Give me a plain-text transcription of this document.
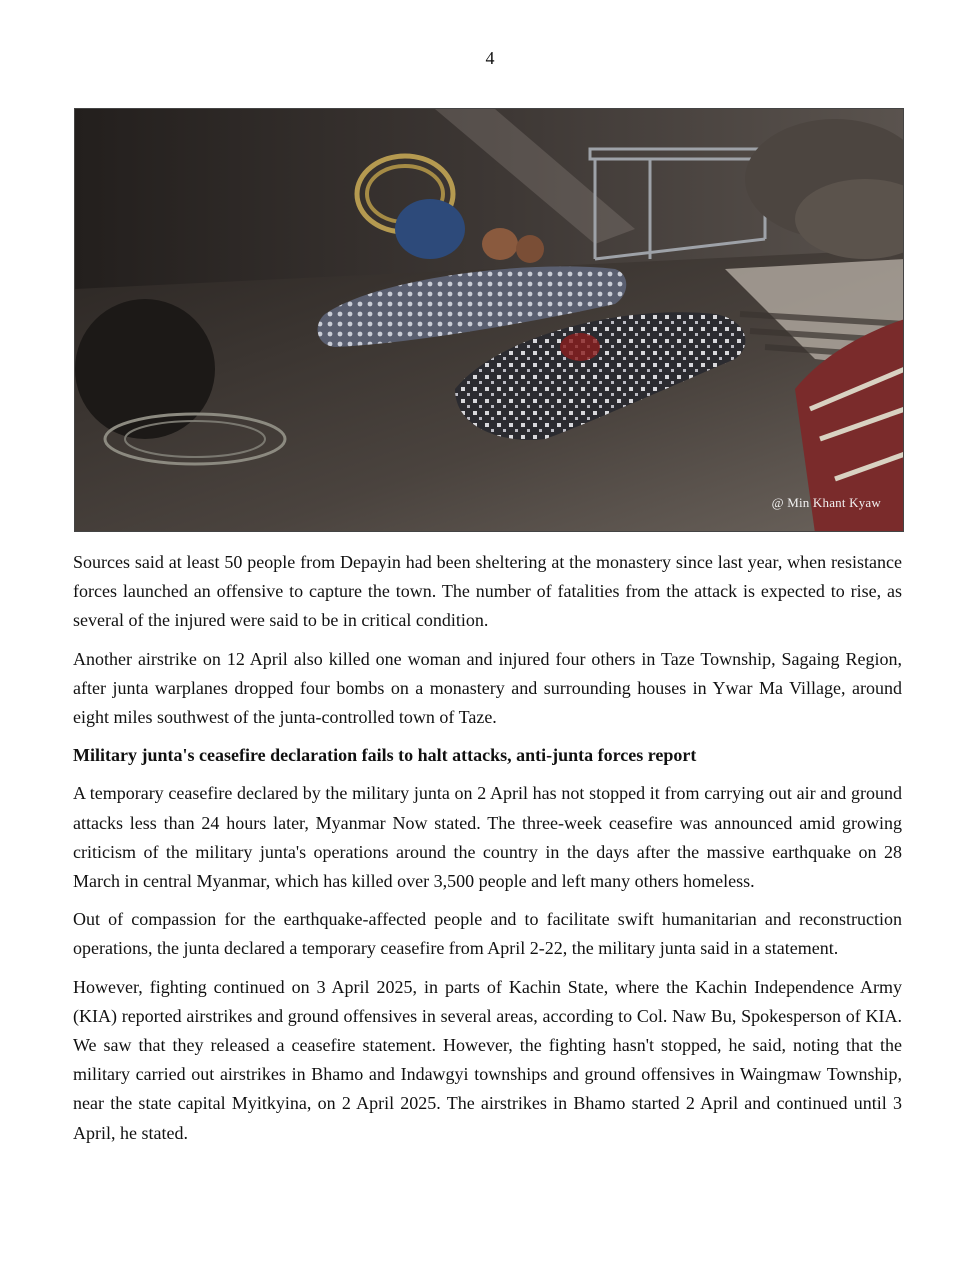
4
@ Min Khant Kyaw

Sources said at least 50 people from Depayin had been sheltering at the monastery since last year, when resistance forces launched an offensive to capture the town. The number of fatalities from the attack is expected to rise, as several of the injured were said to be in critical condition.

Another airstrike on 12 April also killed one woman and injured four others in Taze Township, Sagaing Region, after junta warplanes dropped four bombs on a monastery and surrounding houses in Ywar Ma Village, around eight miles southwest of the junta-controlled town of Taze.

Military junta's ceasefire declaration fails to halt attacks, anti-junta forces report

A temporary ceasefire declared by the military junta on 2 April has not stopped it from carrying out air and ground attacks less than 24 hours later, Myanmar Now stated. The three-week ceasefire was announced amid growing criticism of the military junta's operations around the country in the days after the massive earthquake on 28 March in central Myanmar, which has killed over 3,500 people and left many others homeless.

Out of compassion for the earthquake-affected people and to facilitate swift humanitarian and reconstruction operations, the junta declared a temporary ceasefire from April 2-22, the military junta said in a statement.

However, fighting continued on 3 April 2025, in parts of Kachin State, where the Kachin Independence Army (KIA) reported airstrikes and ground offensives in several areas, according to Col. Naw Bu, Spokesperson of KIA. We saw that they released a ceasefire statement. However, the fighting hasn't stopped, he said, noting that the military carried out airstrikes in Bhamo and Indawgyi townships and ground offensives in Waingmaw Township, near the state capital Myitkyina, on 2 April 2025. The airstrikes in Bhamo started 2 April and continued until 3 April, he stated.
